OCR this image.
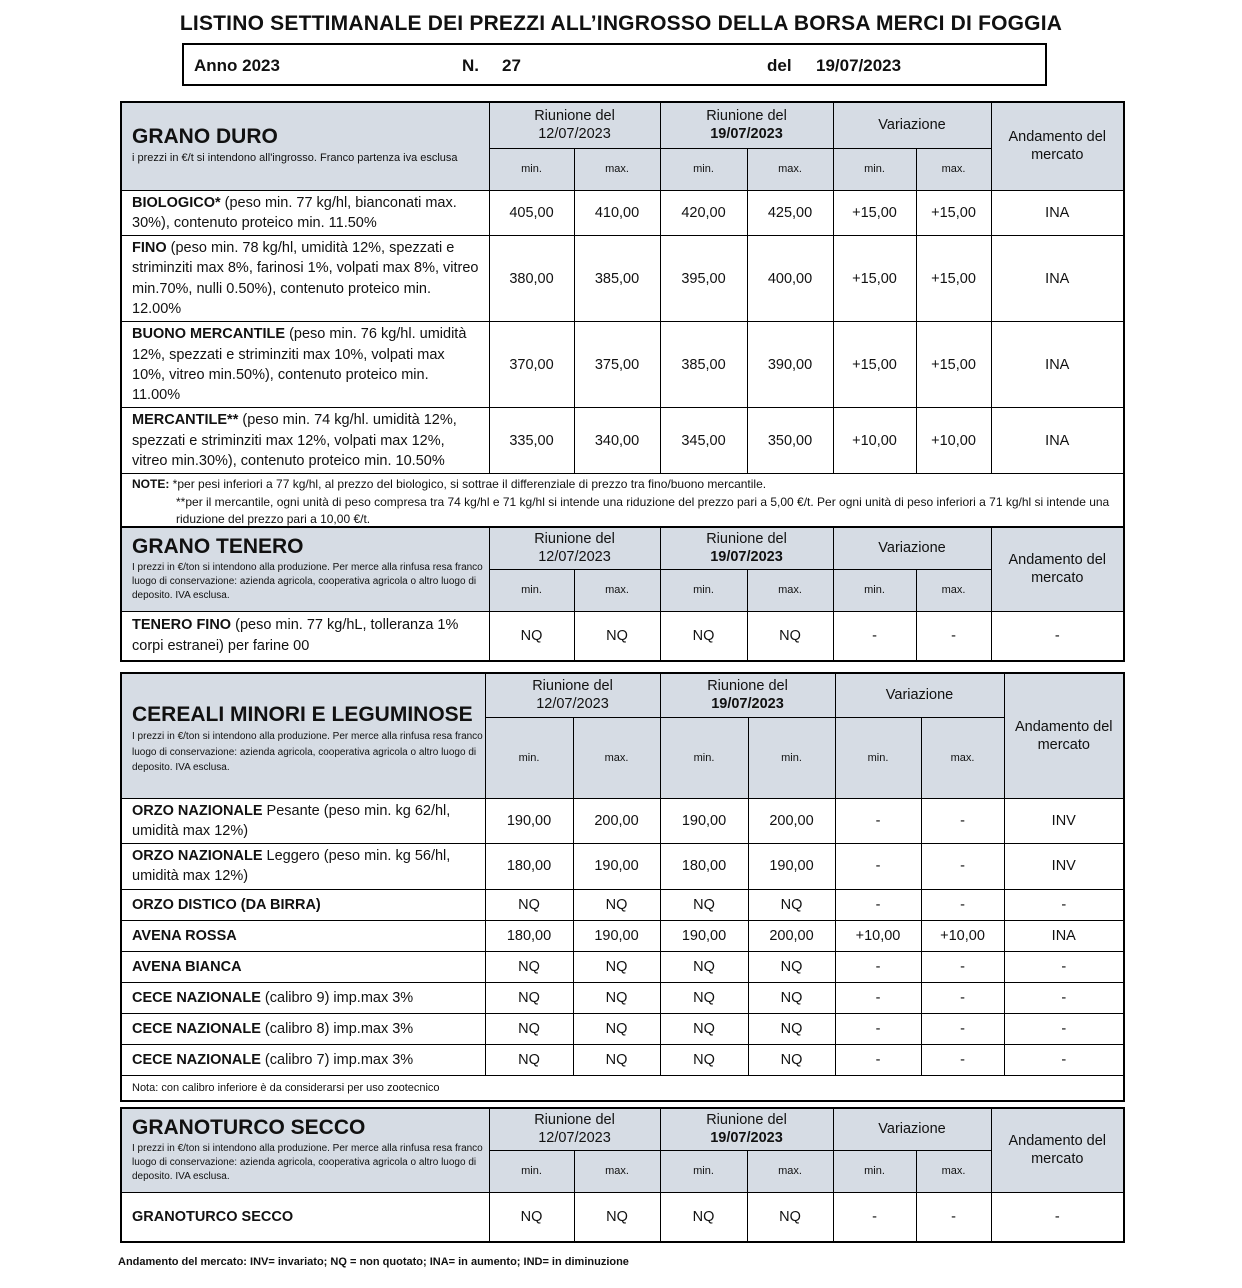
LISTINO SETTIMANALE DEI PREZZI ALL’INGROSSO DELLA BORSA MERCI DI FOGGIA
Anno 2023	N. 27	del 19/07/2023
GRANO DURO
i prezzi in €/t si intendono all'ingrosso. Franco partenza iva esclusa	Riunione del
12/07/2023		Riunione del
19/07/2023		Variazione		Andamento del
mercato
	min.	max.	min.	max.	min.	max.	
BIOLOGICO* (peso min. 77 kg/hl, bianconati max. 30%), contenuto proteico min. 11.50%	405,00	410,00	420,00	425,00	+15,00	+15,00	INA
FINO (peso min. 78 kg/hl, umidità 12%, spezzati e striminziti max 8%, farinosi 1%, volpati max 8%, vitreo min.70%, nulli 0.50%), contenuto proteico min. 12.00%	380,00	385,00	395,00	400,00	+15,00	+15,00	INA
BUONO MERCANTILE (peso min. 76 kg/hl. umidità 12%, spezzati e striminziti max 10%, volpati max 10%, vitreo min.50%), contenuto proteico min. 11.00%	370,00	375,00	385,00	390,00	+15,00	+15,00	INA
MERCANTILE** (peso min. 74 kg/hl. umidità 12%, spezzati e striminziti max 12%, volpati max 12%, vitreo min.30%), contenuto proteico min. 10.50%	335,00	340,00	345,00	350,00	+10,00	+10,00	INA
NOTE: *per pesi inferiori a 77 kg/hl, al prezzo del biologico, si sottrae il differenziale di prezzo tra fino/buono mercantile.
**per il mercantile, ogni unità di peso compresa tra 74 kg/hl e 71 kg/hl si intende una riduzione del prezzo pari a 5,00 €/t. Per ogni unità di peso inferiori a 71 kg/hl si intende una riduzione del prezzo pari a 10,00 €/t.							
GRANO TENERO
I prezzi in €/ton si intendono alla produzione. Per merce alla rinfusa resa franco luogo di conservazione: azienda agricola, cooperativa agricola o altro luogo di deposito. IVA esclusa.	Riunione del
12/07/2023		Riunione del
19/07/2023		Variazione		Andamento del
mercato
	min.	max.	min.	max.	min.	max.	
TENERO FINO (peso min. 77 kg/hL, tolleranza 1% corpi estranei) per farine 00	NQ	NQ	NQ	NQ	-	-	-
CEREALI MINORI E LEGUMINOSE
I prezzi in €/ton si intendono alla produzione. Per merce alla rinfusa resa franco luogo di conservazione: azienda agricola, cooperativa agricola o altro luogo di deposito. IVA esclusa.	Riunione del
12/07/2023		Riunione del
19/07/2023		Variazione		Andamento del
mercato
	min.	max.	min.	min.	min.	max.	
ORZO NAZIONALE Pesante (peso min. kg 62/hl, umidità max 12%)	190,00	200,00	190,00	200,00	-	-	INV
ORZO NAZIONALE Leggero (peso min. kg 56/hl, umidità max 12%)	180,00	190,00	180,00	190,00	-	-	INV
ORZO DISTICO (DA BIRRA)	NQ	NQ	NQ	NQ	-	-	-
AVENA ROSSA	180,00	190,00	190,00	200,00	+10,00	+10,00	INA
AVENA BIANCA	NQ	NQ	NQ	NQ	-	-	-
CECE NAZIONALE (calibro 9) imp.max 3%	NQ	NQ	NQ	NQ	-	-	-
CECE NAZIONALE (calibro 8) imp.max 3%	NQ	NQ	NQ	NQ	-	-	-
CECE NAZIONALE (calibro 7) imp.max 3%	NQ	NQ	NQ	NQ	-	-	-
Nota: con calibro inferiore è da considerarsi per uso zootecnico							
GRANOTURCO SECCO
I prezzi in €/ton si intendono alla produzione. Per merce alla rinfusa resa franco luogo di conservazione: azienda agricola, cooperativa agricola o altro luogo di deposito. IVA esclusa.	Riunione del
12/07/2023		Riunione del
19/07/2023		Variazione		Andamento del
mercato
	min.	max.	min.	max.	min.	max.	
GRANOTURCO SECCO	NQ	NQ	NQ	NQ	-	-	-
Andamento del mercato: INV= invariato; NQ = non quotato; INA= in aumento; IND= in diminuzione
